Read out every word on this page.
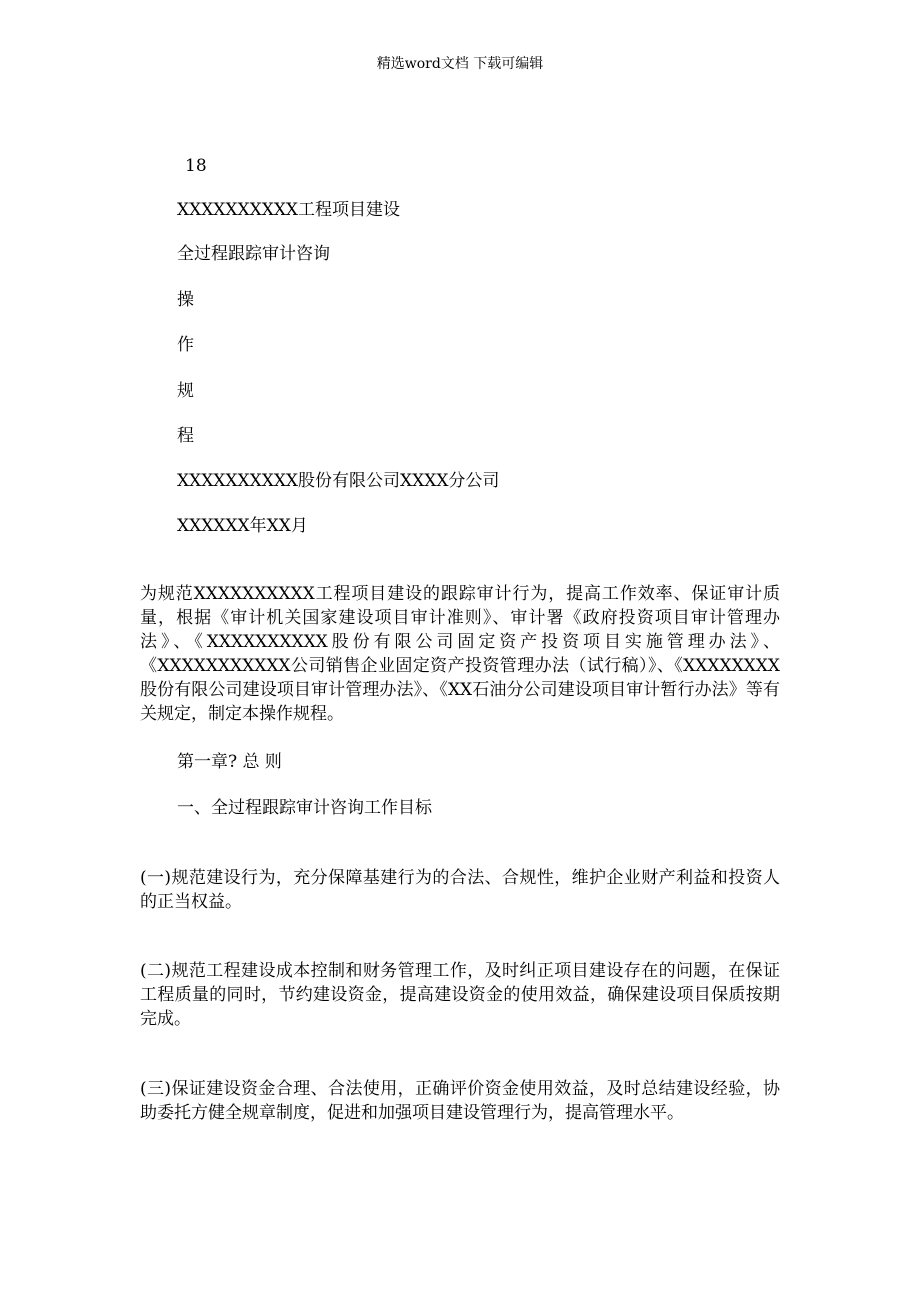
精选word文档 下载可编辑
18
XXXXXXXXXX工程项目建设
全过程跟踪审计咨询
操
作
规
程
XXXXXXXXXX股份有限公司XXXX分公司
XXXXXX年XX月
为规范XXXXXXXXXX工程项目建设的跟踪审计行为，提高工作效率、保证审计质量，根据《审计机关国家建设项目审计准则》、审计署《政府投资项目审计管理办法》、《XXXXXXXXXX股份有限公司固定资产投资项目实施管理办法》、《XXXXXXXXXXX公司销售企业固定资产投资管理办法（试行稿）》、《XXXXXXXX股份有限公司建设项目审计管理办法》、《XX石油分公司建设项目审计暂行办法》等有关规定，制定本操作规程。
第一章? 总 则
一、全过程跟踪审计咨询工作目标
(一)规范建设行为，充分保障基建行为的合法、合规性，维护企业财产利益和投资人的正当权益。
(二)规范工程建设成本控制和财务管理工作，及时纠正项目建设存在的问题，在保证工程质量的同时，节约建设资金，提高建设资金的使用效益，确保建设项目保质按期完成。
(三)保证建设资金合理、合法使用，正确评价资金使用效益，及时总结建设经验，协助委托方健全规章制度，促进和加强项目建设管理行为，提高管理水平。
